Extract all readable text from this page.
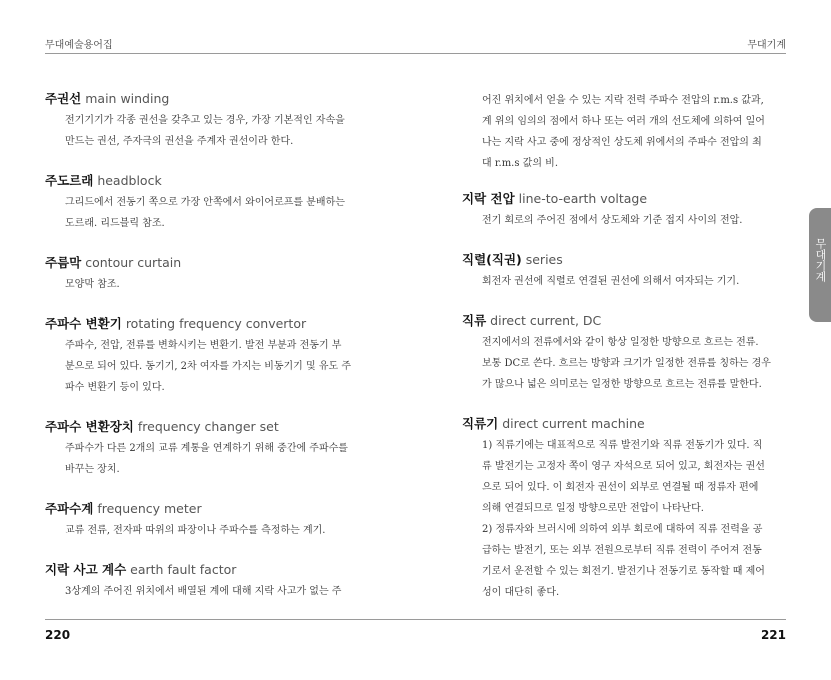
무대예술용어집	무대기계
무대기계
주권선 main winding
전기기기가 각종 권선을 갖추고 있는 경우, 가장 기본적인 자속을
만드는 권선, 주자극의 권선을 주계자 권선이라 한다.
주도르래 headblock
그리드에서 전동기 쪽으로 가장 안쪽에서 와이어로프를 분배하는
도르래. 리드블릭 참조.
주름막 contour curtain
모양막 참조.
주파수 변환기 rotating frequency convertor
주파수, 전압, 전류를 변화시키는 변환기. 발전 부분과 전동기 부
분으로 되어 있다. 동기기, 2차 여자를 가지는 비동기기 및 유도 주
파수 변환기 등이 있다.
주파수 변환장치 frequency changer set
주파수가 다른 2개의 교류 계통을 연계하기 위해 중간에 주파수를
바꾸는 장치.
주파수계 frequency meter
교류 전류, 전자파 따위의 파장이나 주파수를 측정하는 계기.
지락 사고 계수 earth fault factor
3상계의 주어진 위치에서 배열된 계에 대해 지락 사고가 없는 주
어진 위치에서 얻을 수 있는 지락 전력 주파수 전압의 r.m.s 값과,
계 위의 임의의 점에서 하나 또는 여러 개의 선도체에 의하여 일어
나는 지락 사고 중에 정상적인 상도체 위에서의 주파수 전압의 최
대 r.m.s 값의 비.
지락 전압 line-to-earth voltage
전기 회로의 주어진 점에서 상도체와 기준 접지 사이의 전압.
직렬(직권) series
회전자 권선에 직렬로 연결된 권선에 의해서 여자되는 기기.
직류 direct current, DC
전지에서의 전류에서와 같이 항상 일정한 방향으로 흐르는 전류.
보통 DC로 쓴다. 흐르는 방향과 크기가 일정한 전류를 칭하는 경우
가 많으나 넓은 의미로는 일정한 방향으로 흐르는 전류를 말한다.
직류기 direct current machine
1) 직류기에는 대표적으로 직류 발전기와 직류 전동기가 있다. 직
류 발전기는 고정자 쪽이 영구 자석으로 되어 있고, 회전자는 권선
으로 되어 있다. 이 회전자 권선이 외부로 연결될 때 정류자 편에
의해 연결되므로 일정 방향으로만 전압이 나타난다.
2) 정류자와 브러시에 의하여 외부 회로에 대하여 직류 전력을 공
급하는 발전기, 또는 외부 전원으로부터 직류 전력이 주어져 전동
기로서 운전할 수 있는 회전기. 발전기나 전동기로 동작할 때 제어
성이 대단히 좋다.
220	221
